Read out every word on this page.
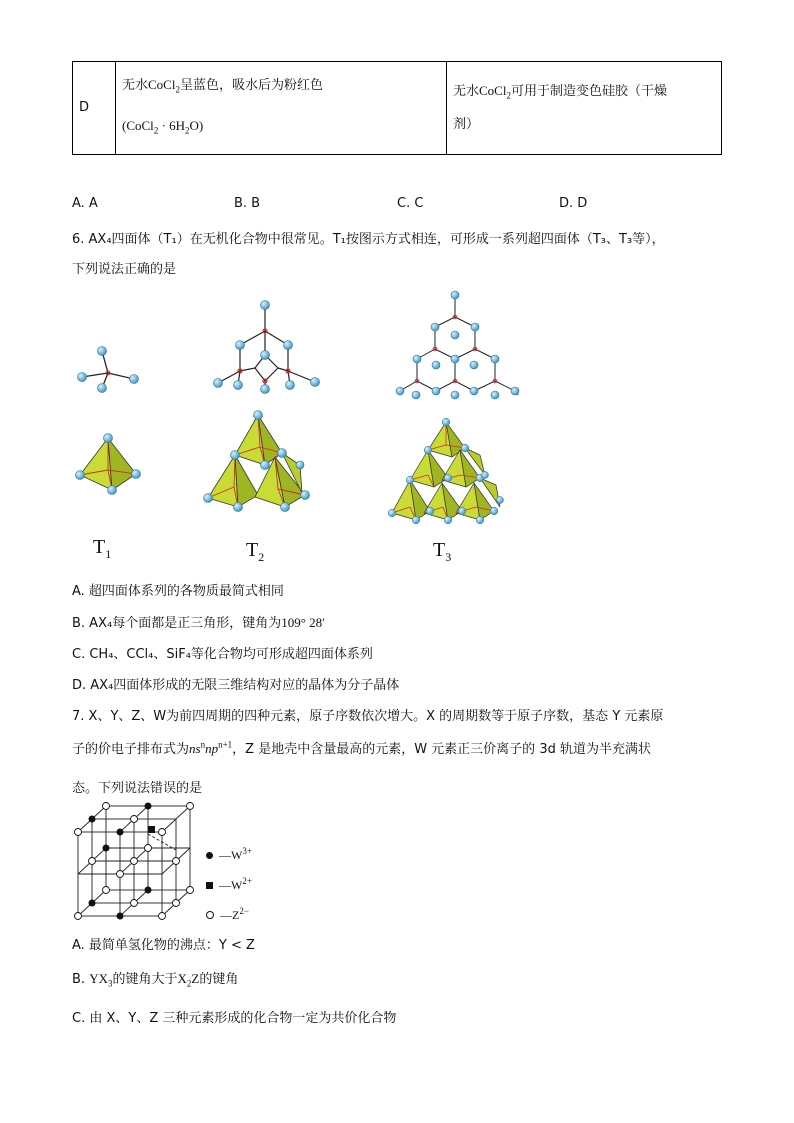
D	
无水CoCl$_2$呈蓝色，吸水后为粉红色
(CoCl$_2$ · $6H_2O$)

无水CoCl$_2$可用于制造变色硅胶（干燥
剂）
A. A	B. B	C. C	D. D
6. AX₄四面体（T₁）在无机化合物中很常见。T₁按图示方式相连，可形成一系列超四面体（T₃、T₃等），
下列说法正确的是
$T_1$	$T_2$	$T_3$
A. 超四面体系列的各物质最简式相同
B. AX₄每个面都是正三角形，键角为109° 28′
C. CH₄、CCl₄、SiF₄等化合物均可形成超四面体系列
D. AX₄四面体形成的无限三维结构对应的晶体为分子晶体
7. X、Y、Z、W为前四周期的四种元素，原子序数依次增大。X 的周期数等于原子序数，基态 Y 元素原
子的价电子排布式为$ns^nnp^{n+1}$，Z 是地壳中含量最高的元素，W 元素正三价离子的 3d 轨道为半充满状
态。下列说法错误的是
$—W^{3+}$
$—W^{2+}$
$—Z^{2-}$
A. 最简单氢化物的沸点：Y < Z
B. $YX_3$的键角大于$X_2Z$的键角
C. 由 X、Y、Z 三种元素形成的化合物一定为共价化合物
